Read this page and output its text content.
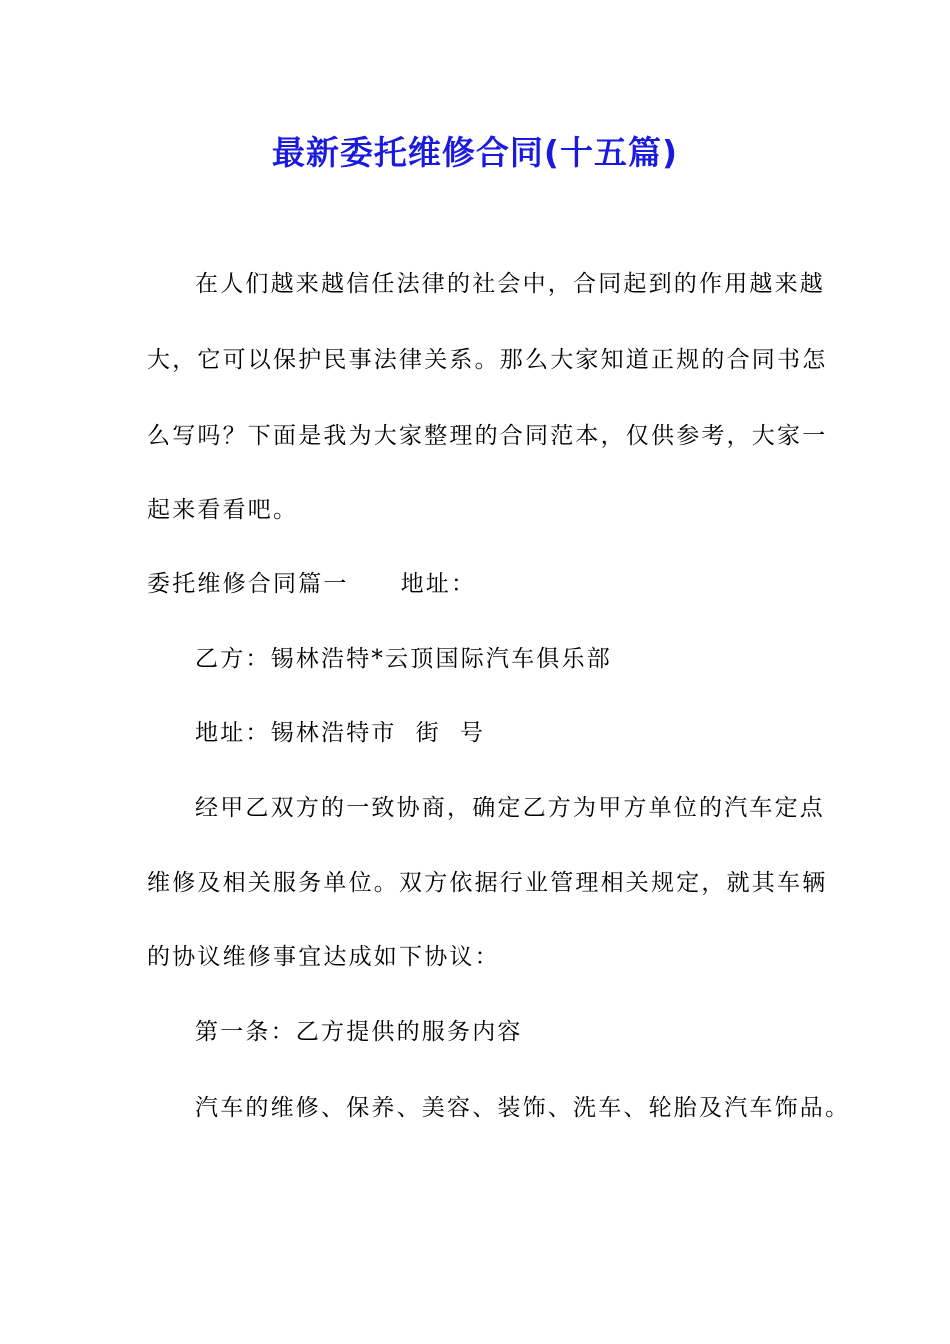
最新委托维修合同(十五篇)
在人们越来越信任法律的社会中，合同起到的作用越来越
大，它可以保护民事法律关系。那么大家知道正规的合同书怎
么写吗？下面是我为大家整理的合同范本，仅供参考，大家一
起来看看吧。
委托维修合同篇一 地址：
乙方：锡林浩特*云顶国际汽车俱乐部
地址：锡林浩特市  街  号
经甲乙双方的一致协商，确定乙方为甲方单位的汽车定点
维修及相关服务单位。双方依据行业管理相关规定，就其车辆
的协议维修事宜达成如下协议：
第一条：乙方提供的服务内容
汽车的维修、保养、美容、装饰、洗车、轮胎及汽车饰品。
